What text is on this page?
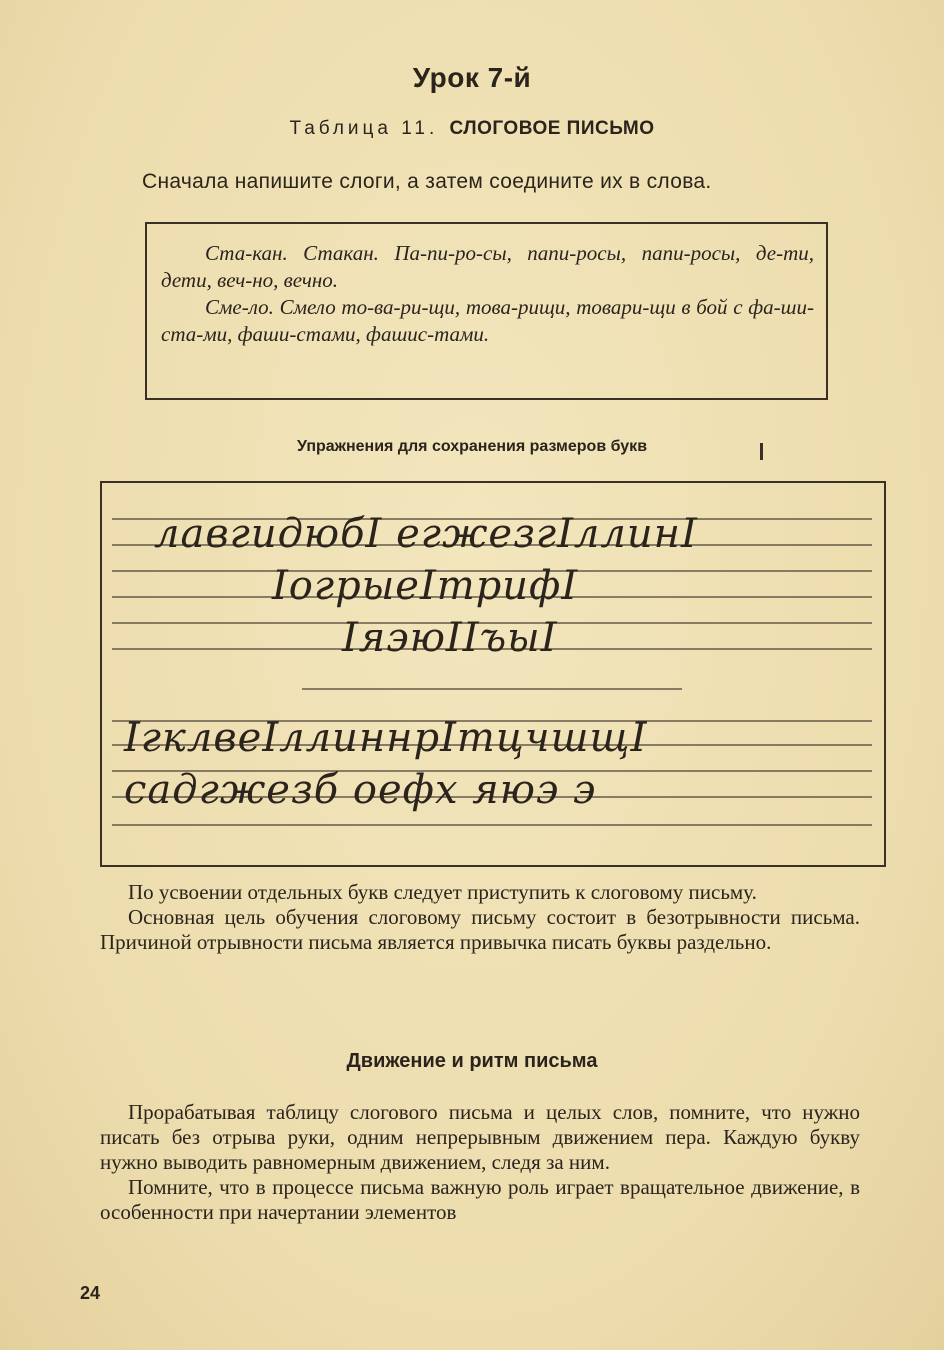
Урок 7-й
Таблица 11. СЛОГОВОЕ ПИСЬМО
Сначала напишите слоги, а затем соедините их в слова.

Ста-кан. Стакан. Па-пи-ро-сы, папи-росы, папи-росы, де-ти, дети, веч-но, вечно.

Сме-ло. Смело то-ва-ри-щи, това-рищи, товари-щи в бой с фа-ши-ста-ми, фаши-стами, фашис-тами.

Упражнения для сохранения размеров букв
лавгидюбI егжезгIллинI
IогрыеIтрифI
IяэюIIъыI
IгклвеIллиннрIтцчшщI
садгжезб оефх яюэ э

По усвоении отдельных букв следует приступить к слоговому письму.

Основная цель обучения слоговому письму состоит в безотрывности письма. Причиной отрывности письма является привычка писать буквы раздельно.

Движение и ритм письма

Прорабатывая таблицу слогового письма и целых слов, помните, что нужно писать без отрыва руки, одним непрерывным движением пера. Каждую букву нужно выводить равномерным движением, следя за ним.

Помните, что в процессе письма важную роль играет вращательное движение, в особенности при начертании элементов

24
